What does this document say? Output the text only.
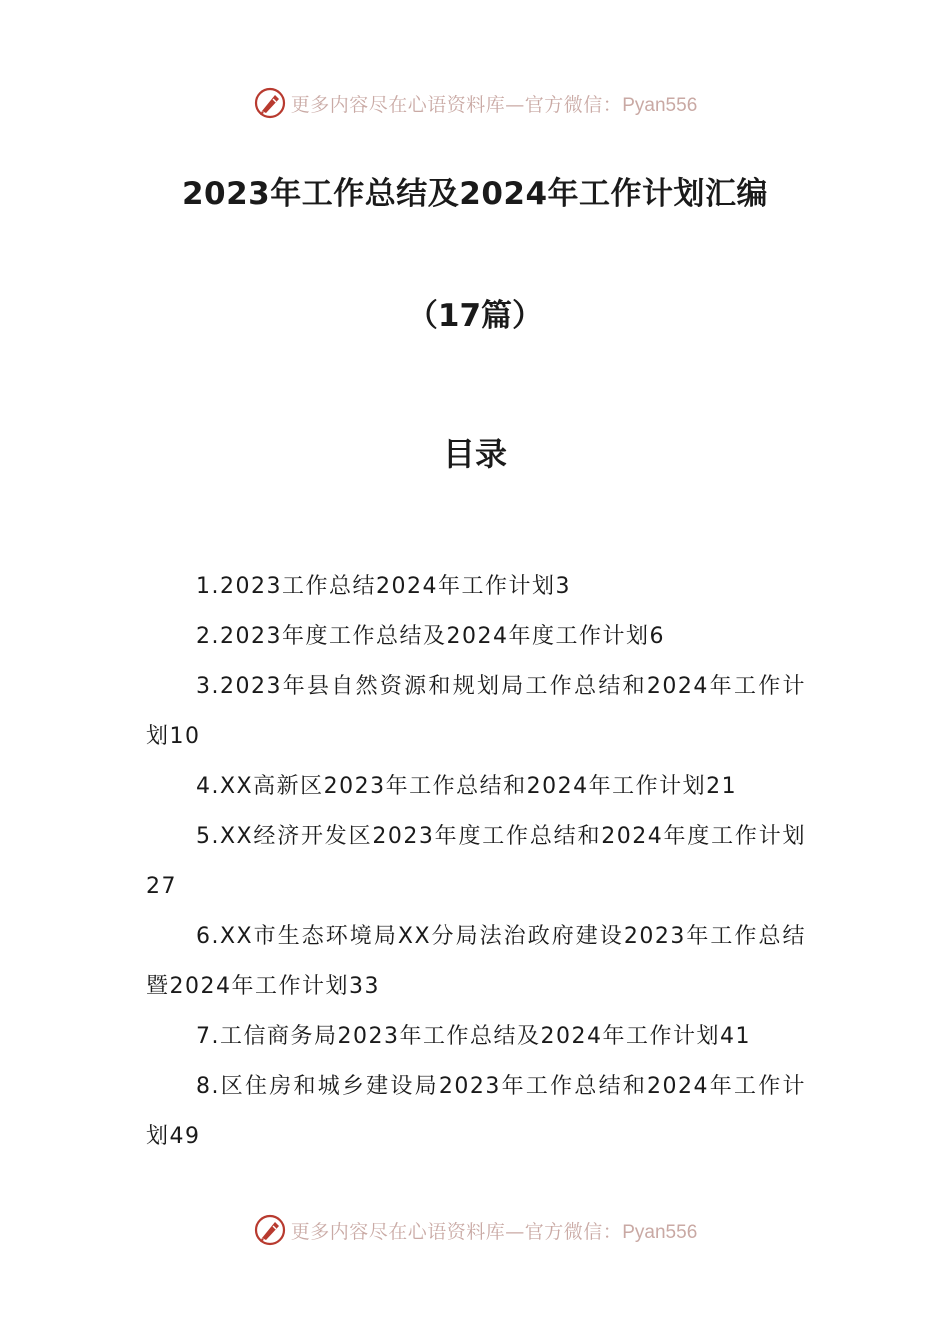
更多内容尽在心语资料库—官方微信：Pyan556
2023年工作总结及2024年工作计划汇编
（17篇）
目录
1.2023工作总结2024年工作计划3
2.2023年度工作总结及2024年度工作计划6
3.2023年县自然资源和规划局工作总结和2024年工作计划10
4.XX高新区2023年工作总结和2024年工作计划21
5.XX经济开发区2023年度工作总结和2024年度工作计划27
6.XX市生态环境局XX分局法治政府建设2023年工作总结暨2024年工作计划33
7.工信商务局2023年工作总结及2024年工作计划41
8.区住房和城乡建设局2023年工作总结和2024年工作计划49
更多内容尽在心语资料库—官方微信：Pyan556
